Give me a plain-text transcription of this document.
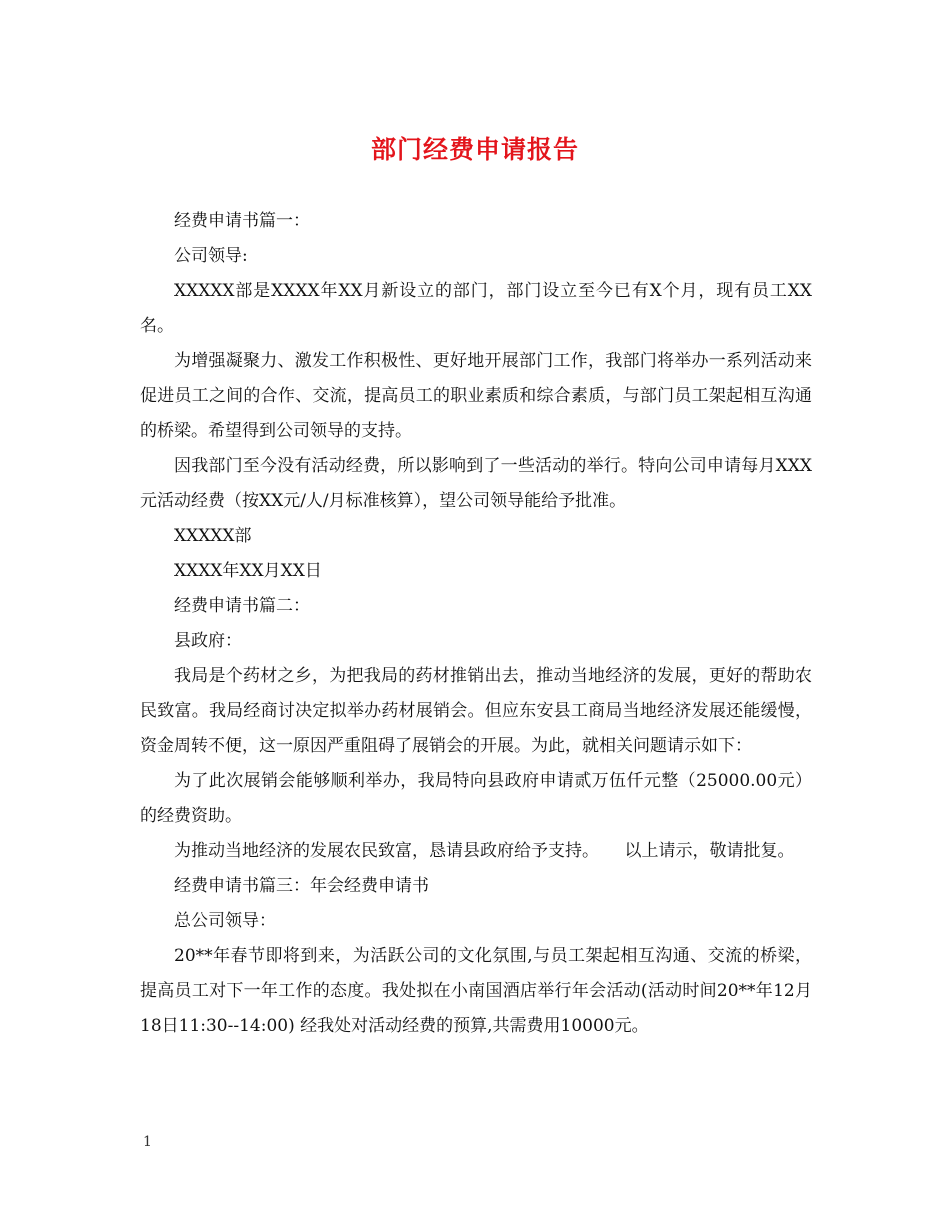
部门经费申请报告

经费申请书篇一：

公司领导:

XXXXX部是XXXX年XX月新设立的部门，部门设立至今已有X个月，现有员工XX名。

为增强凝聚力、激发工作积极性、更好地开展部门工作，我部门将举办一系列活动来促进员工之间的合作、交流，提高员工的职业素质和综合素质，与部门员工架起相互沟通的桥梁。希望得到公司领导的支持。

因我部门至今没有活动经费，所以影响到了一些活动的举行。特向公司申请每月XXX元活动经费（按XX元/人/月标准核算），望公司领导能给予批准。

XXXXX部

XXXX年XX月XX日

经费申请书篇二：

县政府：

我局是个药材之乡，为把我局的药材推销出去，推动当地经济的发展，更好的帮助农民致富。我局经商讨决定拟举办药材展销会。但应东安县工商局当地经济发展还能缓慢，资金周转不便，这一原因严重阻碍了展销会的开展。为此，就相关问题请示如下：

为了此次展销会能够顺利举办，我局特向县政府申请贰万伍仟元整（25000.00元）的经费资助。

为推动当地经济的发展农民致富，恳请县政府给予支持。　　以上请示，敬请批复。

经费申请书篇三：年会经费申请书

总公司领导：

20**年春节即将到来，为活跃公司的文化氛围,与员工架起相互沟通、交流的桥梁，提高员工对下一年工作的态度。我处拟在小南国酒店举行年会活动(活动时间20**年12月18日11:30--14:00) 经我处对活动经费的预算,共需费用10000元。

1
